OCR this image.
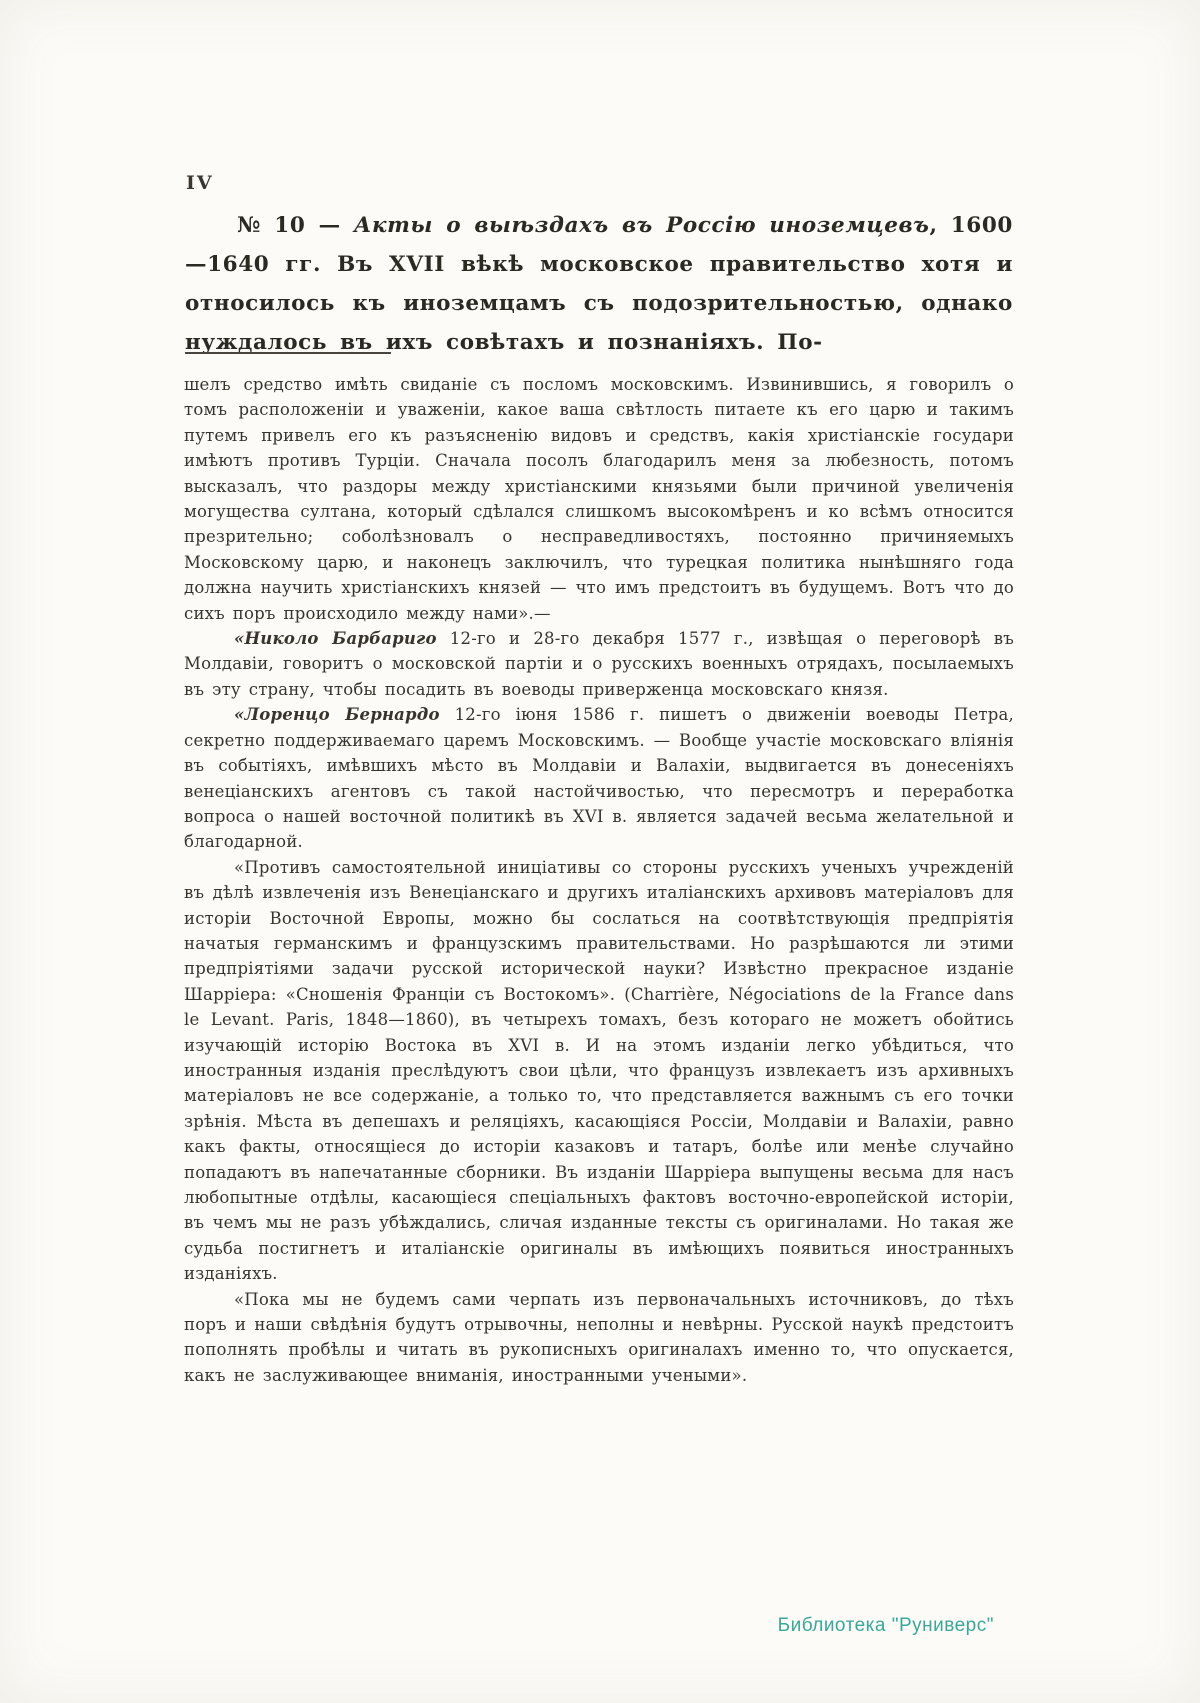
IV

№ 10 — Акты о выѣздахъ въ Россію иноземцевъ, 1600—1640 гг. Въ XVII вѣкѣ московское правительство хотя и относилось къ иноземцамъ съ подозрительностью, однако нуждалось въ ихъ совѣтахъ и познаніяхъ. По-

шелъ средство имѣть свиданіе съ посломъ московскимъ. Извинившись, я говорилъ о томъ расположеніи и уваженіи, какое ваша свѣтлость питаете къ его царю и такимъ путемъ привелъ его къ разъясненію видовъ и средствъ, какія христіанскіе государи имѣютъ противъ Турціи. Сначала посолъ благодарилъ меня за любезность, потомъ высказалъ, что раздоры между христіанскими князьями были причиной увеличенія могущества султана, который сдѣлался слишкомъ высокомѣренъ и ко всѣмъ относится презрительно; соболѣзновалъ о несправедливостяхъ, постоянно причиняемыхъ Московскому царю, и наконецъ заключилъ, что турецкая политика нынѣшняго года должна научить христіанскихъ князей — что имъ предстоитъ въ будущемъ. Вотъ что до сихъ поръ происходило между нами».—

«Николо Барбариго 12-го и 28-го декабря 1577 г., извѣщая о переговорѣ въ Молдавіи, говоритъ о московской партіи и о русскихъ военныхъ отрядахъ, посылаемыхъ въ эту страну, чтобы посадить въ воеводы приверженца московскаго князя.

«Лоренцо Бернардо 12-го іюня 1586 г. пишетъ о движеніи воеводы Петра, секретно поддерживаемаго царемъ Московскимъ. — Вообще участіе московскаго вліянія въ событіяхъ, имѣвшихъ мѣсто въ Молдавіи и Валахіи, выдвигается въ донесеніяхъ венеціанскихъ агентовъ съ такой настойчивостью, что пересмотръ и переработка вопроса о нашей восточной политикѣ въ XVI в. является задачей весьма желательной и благодарной.

«Противъ самостоятельной иниціативы со стороны русскихъ ученыхъ учрежденій въ дѣлѣ извлеченія изъ Венеціанскаго и другихъ италіанскихъ архивовъ матеріаловъ для исторіи Восточной Европы, можно бы сослаться на соотвѣтствующія предпріятія начатыя германскимъ и французскимъ правительствами. Но разрѣшаются ли этими предпріятіями задачи русской исторической науки? Извѣстно прекрасное изданіе Шарріера: «Сношенія Франціи съ Востокомъ». (Charrière, Négociations de la France dans le Levant. Paris, 1848—1860), въ четырехъ томахъ, безъ котораго не можетъ обойтись изучающій исторію Востока въ XVI в. И на этомъ изданіи легко убѣдиться, что иностранныя изданія преслѣдуютъ свои цѣли, что французъ извлекаетъ изъ архивныхъ матеріаловъ не все содержаніе, а только то, что представляется важнымъ съ его точки зрѣнія. Мѣста въ депешахъ и реляціяхъ, касающіяся Россіи, Молдавіи и Валахіи, равно какъ факты, относящіеся до исторіи казаковъ и татаръ, болѣе или менѣе случайно попадаютъ въ напечатанные сборники. Въ изданіи Шарріера выпущены весьма для насъ любопытные отдѣлы, касающіеся спеціальныхъ фактовъ восточно-европейской исторіи, въ чемъ мы не разъ убѣждались, сличая изданные тексты съ оригиналами. Но такая же судьба постигнетъ и италіанскіе оригиналы въ имѣющихъ появиться иностранныхъ изданіяхъ.

«Пока мы не будемъ сами черпать изъ первоначальныхъ источниковъ, до тѣхъ поръ и наши свѣдѣнія будутъ отрывочны, неполны и невѣрны. Русской наукѣ предстоитъ пополнять пробѣлы и читать въ рукописныхъ оригиналахъ именно то, что опускается, какъ не заслуживающее вниманія, иностранными учеными».

Библиотека "Руниверс"
